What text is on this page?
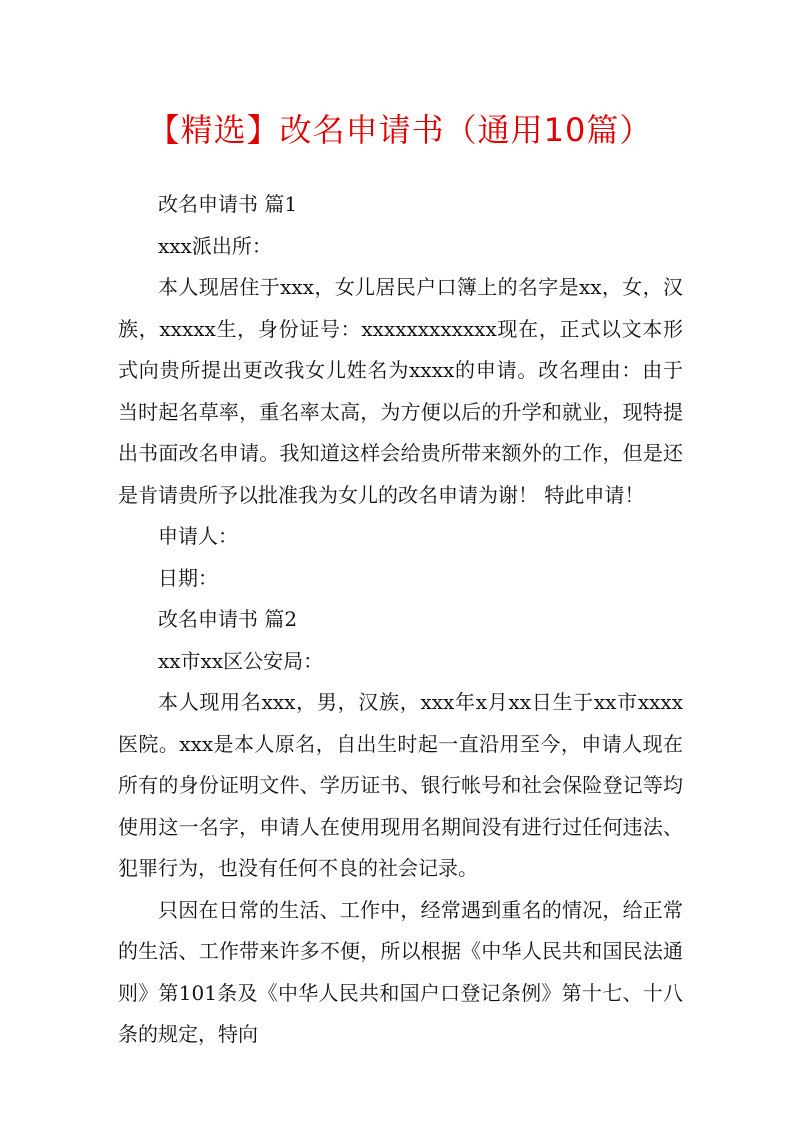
【精选】改名申请书（通用10篇）

改名申请书 篇1

xxx派出所：

本人现居住于xxx，女儿居民户口簿上的名字是xx，女，汉族，xxxxx生，身份证号：xxxxxxxxxxxx现在，正式以文本形式向贵所提出更改我女儿姓名为xxxx的申请。改名理由：由于当时起名草率，重名率太高，为方便以后的升学和就业，现特提出书面改名申请。我知道这样会给贵所带来额外的工作，但是还是肯请贵所予以批准我为女儿的改名申请为谢！ 特此申请！

申请人：

日期：

改名申请书 篇2

xx市xx区公安局：

本人现用名xxx，男，汉族，xxx年x月xx日生于xx市xxxx医院。xxx是本人原名，自出生时起一直沿用至今，申请人现在所有的身份证明文件、学历证书、银行帐号和社会保险登记等均使用这一名字，申请人在使用现用名期间没有进行过任何违法、犯罪行为，也没有任何不良的社会记录。

只因在日常的生活、工作中，经常遇到重名的情况，给正常的生活、工作带来许多不便，所以根据《中华人民共和国民法通则》第101条及《中华人民共和国户口登记条例》第十七、十八条的规定，特向
